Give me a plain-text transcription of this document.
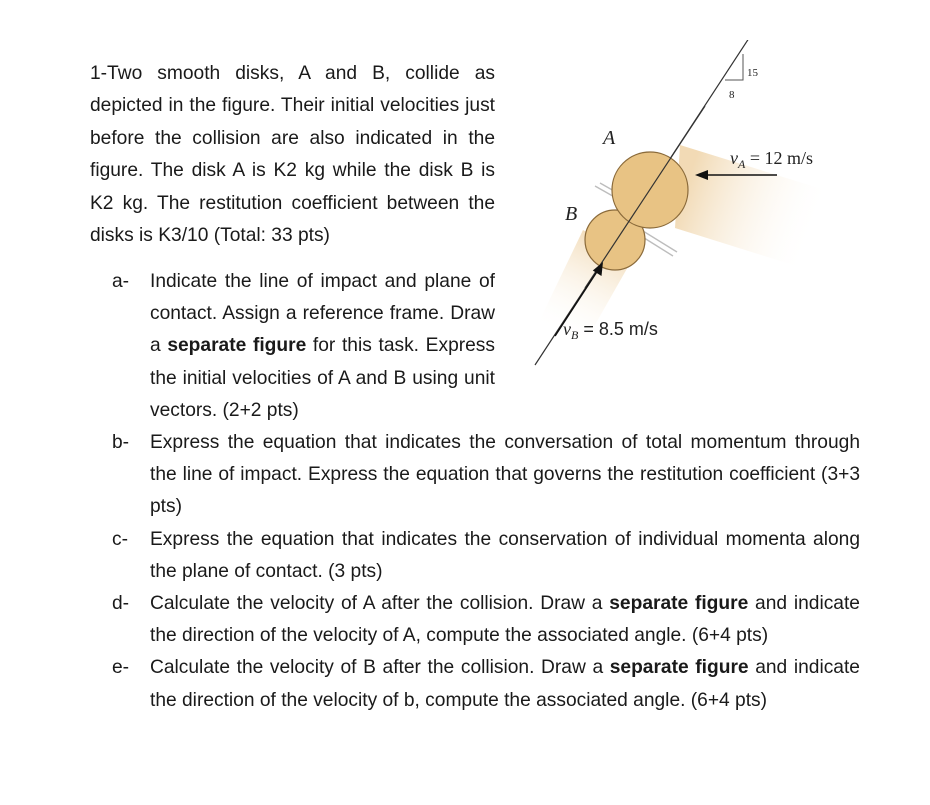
1-Two smooth disks, A and B, collide as depicted in the figure. Their initial velocities just before the collision are also indicated in the figure. The disk A is K2 kg while the disk B is K2 kg. The restitution coefficient between the disks is K3/10 (Total: 33 pts)
15
8
A
B
$v_A = 12$ m/s
$v_B = 8.5$ m/s
a- Indicate the line of impact and plane of contact. Assign a reference frame. Draw a separate figure for this task. Express the initial velocities of A and B using unit vectors. (2+2 pts)
b- Express the equation that indicates the conversation of total momentum through the line of impact. Express the equation that governs the restitution coefficient (3+3 pts)
c- Express the equation that indicates the conservation of individual momenta along the plane of contact. (3 pts)
d- Calculate the velocity of A after the collision. Draw a separate figure and indicate the direction of the velocity of A, compute the associated angle. (6+4 pts)
e- Calculate the velocity of B after the collision. Draw a separate figure and indicate the direction of the velocity of b, compute the associated angle. (6+4 pts)
